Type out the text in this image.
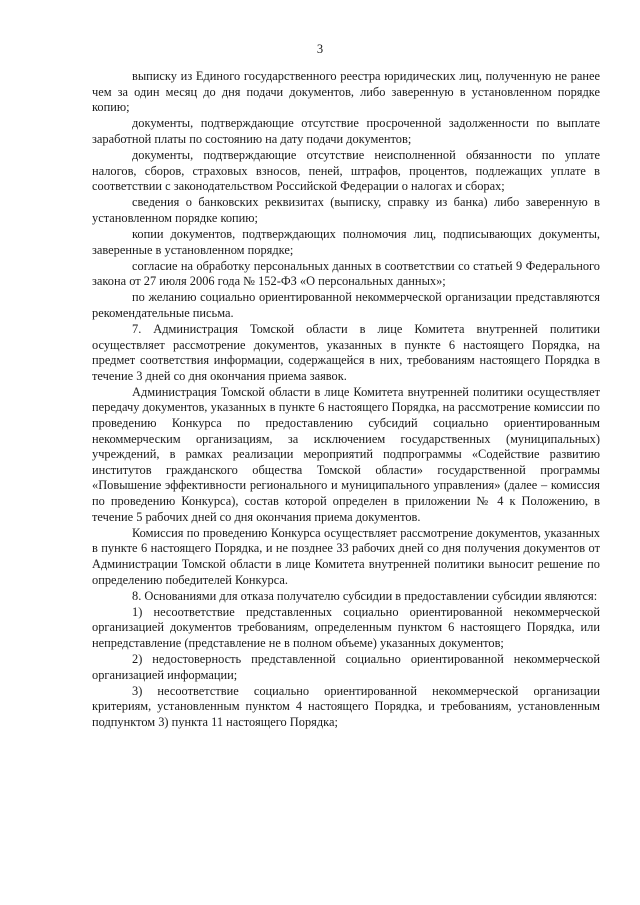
3

выписку из Единого государственного реестра юридических лиц, полученную не ранее чем за один месяц до дня подачи документов, либо заверенную в установленном порядке копию;

документы, подтверждающие отсутствие просроченной задолженности по выплате заработной платы по состоянию на дату подачи документов;

документы, подтверждающие отсутствие неисполненной обязанности по уплате налогов, сборов, страховых взносов, пеней, штрафов, процентов, подлежащих уплате в соответствии с законодательством Российской Федерации о налогах и сборах;

сведения о банковских реквизитах (выписку, справку из банка) либо заверенную в установленном порядке копию;

копии документов, подтверждающих полномочия лиц, подписывающих документы, заверенные в установленном порядке;

согласие на обработку персональных данных в соответствии со статьей 9 Федерального закона от 27 июля 2006 года № 152-ФЗ «О персональных данных»;

по желанию социально ориентированной некоммерческой организации представляются рекомендательные письма.

7. Администрация Томской области в лице Комитета внутренней политики осуществляет рассмотрение документов, указанных в пункте 6 настоящего Порядка, на предмет соответствия информации, содержащейся в них, требованиям настоящего Порядка в течение 3 дней со дня окончания приема заявок.

Администрация Томской области в лице Комитета внутренней политики осуществляет передачу документов, указанных в пункте 6 настоящего Порядка, на рассмотрение комиссии по проведению Конкурса по предоставлению субсидий социально ориентированным некоммерческим организациям, за исключением государственных (муниципальных) учреждений, в рамках реализации мероприятий подпрограммы «Содействие развитию институтов гражданского общества Томской области» государственной программы «Повышение эффективности регионального и муниципального управления» (далее – комиссия по проведению Конкурса), состав которой определен в приложении № 4 к Положению, в течение 5 рабочих дней со дня окончания приема документов.

Комиссия по проведению Конкурса осуществляет рассмотрение документов, указанных в пункте 6 настоящего Порядка, и не позднее 33 рабочих дней со дня получения документов от Администрации Томской области в лице Комитета внутренней политики выносит решение по определению победителей Конкурса.

8. Основаниями для отказа получателю субсидии в предоставлении субсидии являются:

1) несоответствие представленных социально ориентированной некоммерческой организацией документов требованиям, определенным пунктом 6 настоящего Порядка, или непредставление (представление не в полном объеме) указанных документов;

2) недостоверность представленной социально ориентированной некоммерческой организацией информации;

3) несоответствие социально ориентированной некоммерческой организации критериям, установленным пунктом 4 настоящего Порядка, и требованиям, установленным подпунктом 3) пункта 11 настоящего Порядка;
